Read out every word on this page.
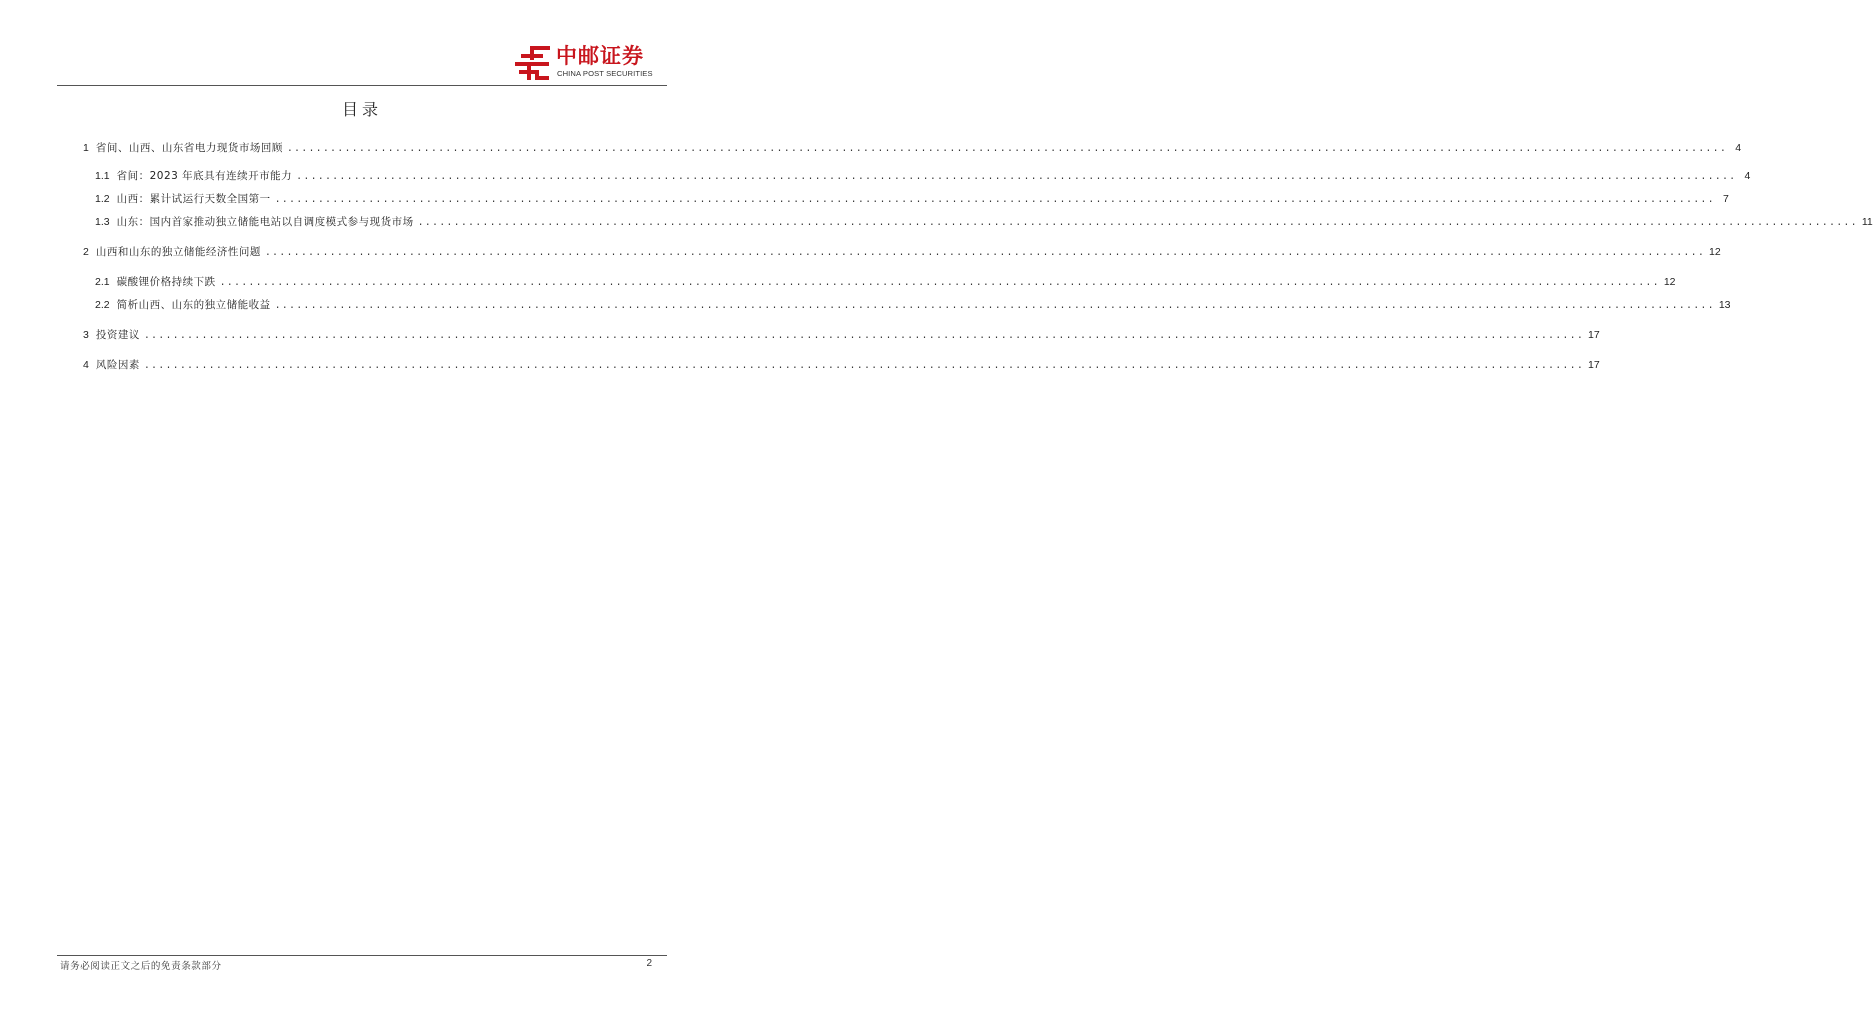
中邮证券
CHINA POST SECURITIES
目录
1 省间、山西、山东省电力现货市场回顾 ........................................................................................................................................................................................................ 4
1.1 省间：2023 年底具有连续开市能力 ........................................................................................................................................................................................................ 4
1.2 山西：累计试运行天数全国第一 ........................................................................................................................................................................................................ 7
1.3 山东：国内首家推动独立储能电站以自调度模式参与现货市场 ........................................................................................................................................................................................................ 11
2 山西和山东的独立储能经济性问题 ........................................................................................................................................................................................................ 12
2.1 碳酸锂价格持续下跌 ........................................................................................................................................................................................................ 12
2.2 简析山西、山东的独立储能收益 ........................................................................................................................................................................................................ 13
3 投资建议 ........................................................................................................................................................................................................ 17
4 风险因素 ........................................................................................................................................................................................................ 17
请务必阅读正文之后的免责条款部分	2
